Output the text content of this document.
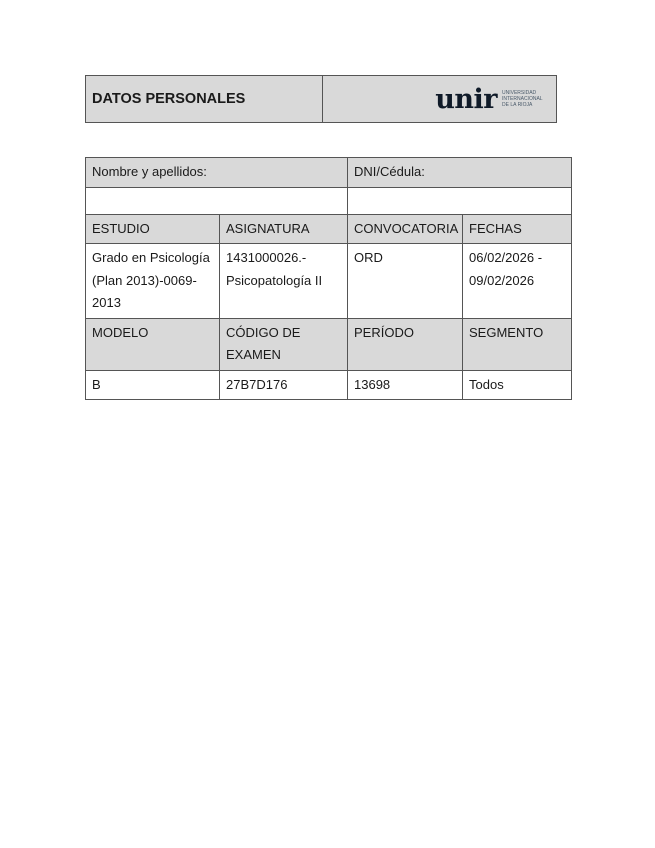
DATOS PERSONALES	unir UNIVERSIDAD INTERNACIONAL DE LA RIOJA
Nombre y apellidos:		DNI/Cédula:	

ESTUDIO	ASIGNATURA	CONVOCATORIA	FECHAS
Grado en Psicología (Plan 2013)-0069-2013	1431000026.- Psicopatología II	ORD	06/02/2026 - 09/02/2026
MODELO	CÓDIGO DE EXAMEN	PERÍODO	SEGMENTO
B	27B7D176	13698	Todos
